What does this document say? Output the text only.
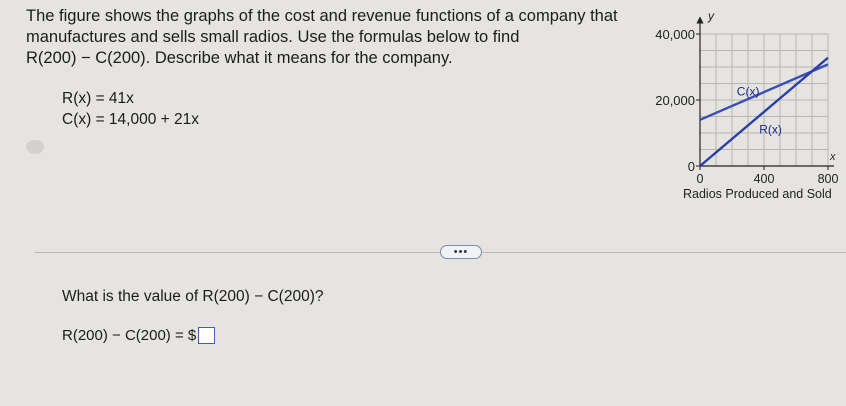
The figure shows the graphs of the cost and revenue functions of a company that
manufactures and sells small radios. Use the formulas below to find
R(200) − C(200). Describe what it means for the company.
R(x) = 41x
C(x) = 14,000 + 21x
y
x
Radios Produced and Sold
0
20,000
40,000
0	400	800
C(x)
R(x)
•••
What is the value of R(200) − C(200)?
R(200) − C(200) = $
